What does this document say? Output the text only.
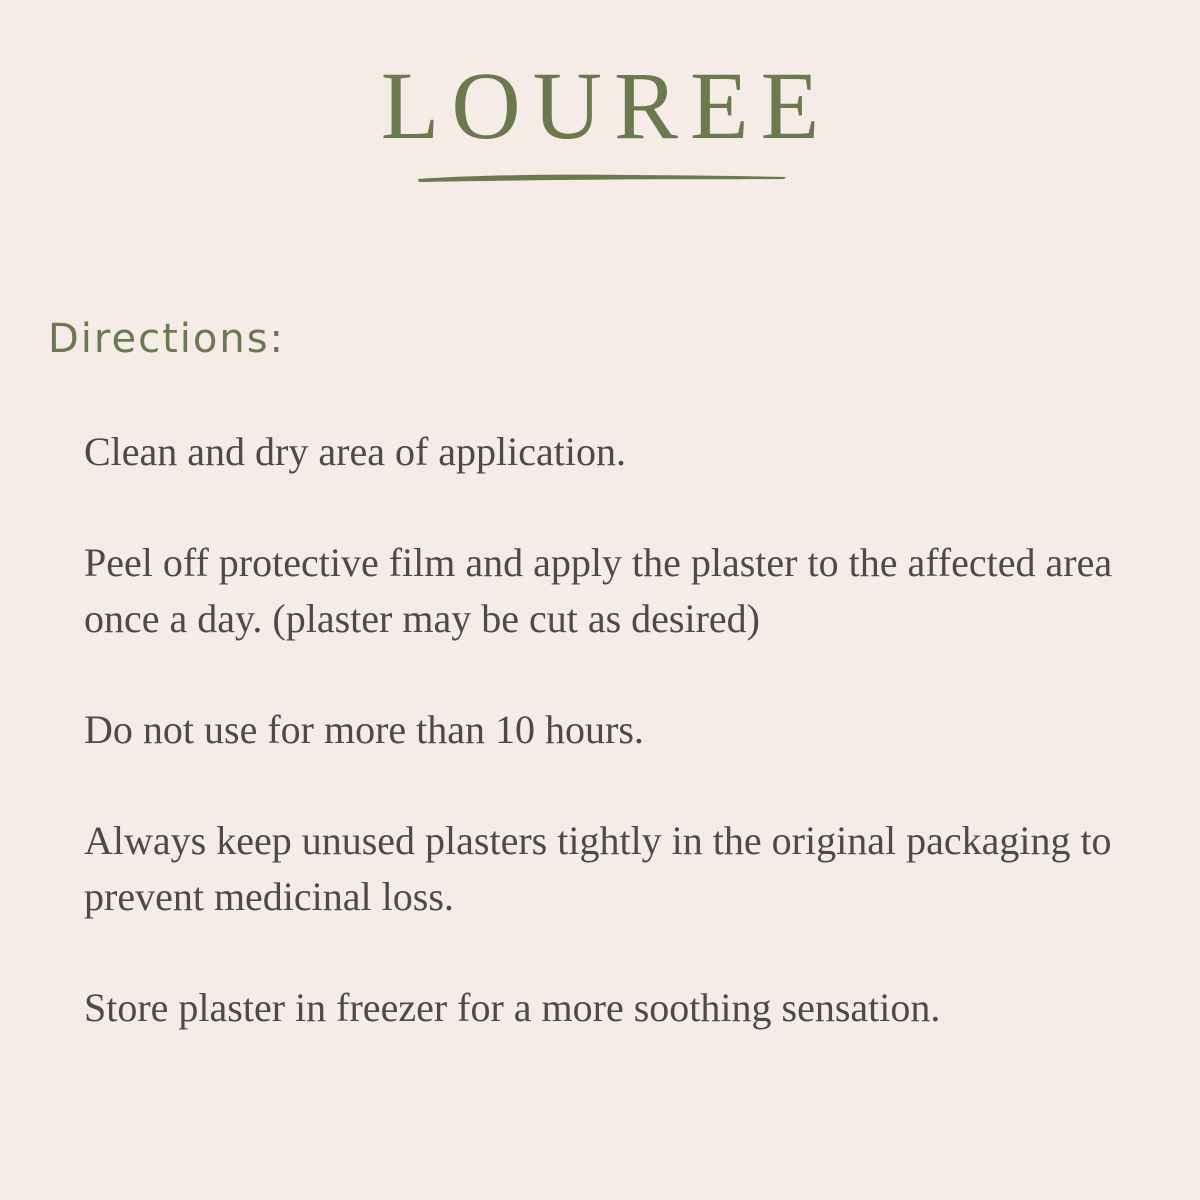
LOUREE
Directions:
Clean and dry area of application.
Peel off protective film and apply the plaster to the affected area once a day. (plaster may be cut as desired)
Do not use for more than 10 hours.
Always keep unused plasters tightly in the original packaging to prevent medicinal loss.
Store plaster in freezer for a more soothing sensation.
